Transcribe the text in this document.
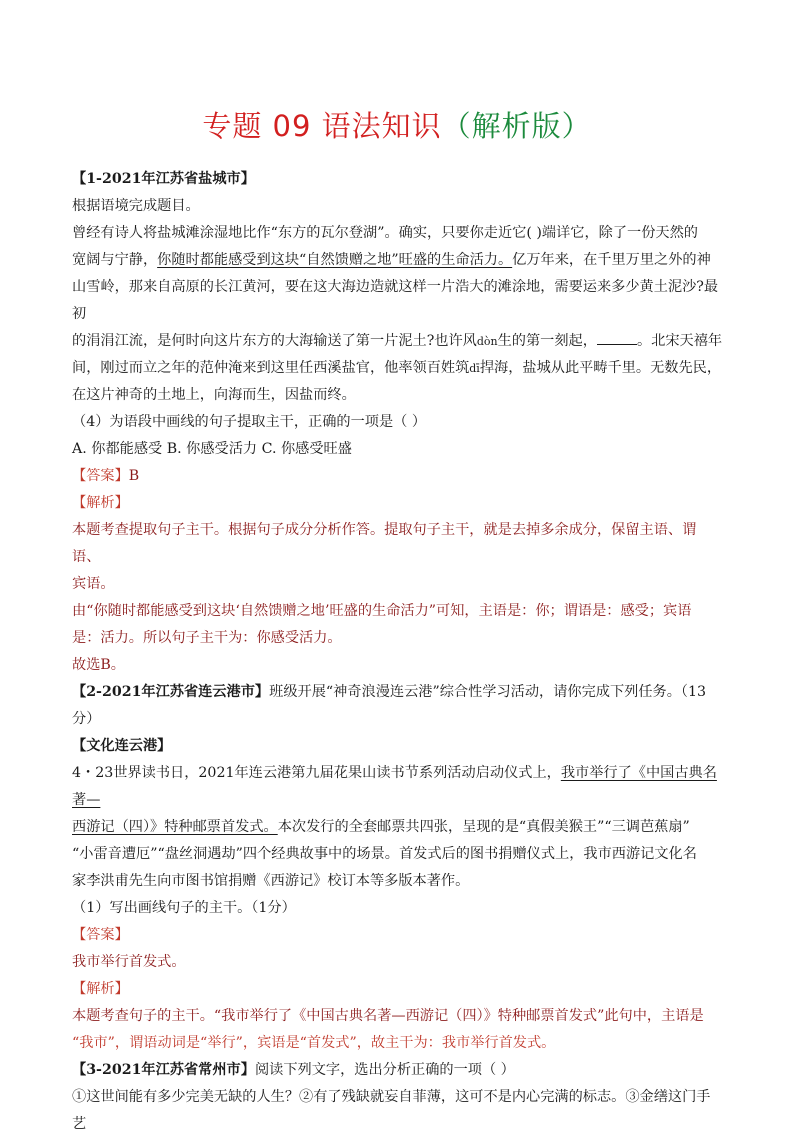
专题 09 语法知识（解析版）

【1-2021年江苏省盐城市】

根据语境完成题目。

曾经有诗人将盐城滩涂湿地比作“东方的瓦尔登湖”。确实，只要你走近它( )端详它，除了一份天然的

宽阔与宁静，你随时都能感受到这块“自然馈赠之地”旺盛的生命活力。亿万年来，在千里万里之外的神

山雪岭，那来自高原的长江黄河，要在这大海边造就这样一片浩大的滩涂地，需要运来多少黄土泥沙?最初

的涓涓江流，是何时向这片东方的大海输送了第一片泥土?也许风dòn生的第一刻起，	。北宋天禧年

间，刚过而立之年的范仲淹来到这里任西溪盐官，他率领百姓筑dī捍海，盐城从此平畴千里。无数先民，

在这片神奇的土地上，向海而生，因盐而终。

（4）为语段中画线的句子提取主干，正确的一项是（ ）

A. 你都能感受 B. 你感受活力 C. 你感受旺盛

【答案】B

【解析】

本题考查提取句子主干。根据句子成分分析作答。提取句子主干，就是去掉多余成分，保留主语、谓语、

宾语。

由“你随时都能感受到这块‘自然馈赠之地’旺盛的生命活力”可知，主语是：你；谓语是：感受；宾语

是：活力。所以句子主干为：你感受活力。

故选B。

【2-2021年江苏省连云港市】班级开展“神奇浪漫连云港”综合性学习活动，请你完成下列任务。（13分）

【文化连云港】

4・23世界读书日，2021年连云港第九届花果山读书节系列活动启动仪式上，我市举行了《中国古典名著—

西游记（四）》特种邮票首发式。本次发行的全套邮票共四张，呈现的是“真假美猴王”“三调芭蕉扇”

“小雷音遭厄”“盘丝洞遇劫”四个经典故事中的场景。首发式后的图书捐赠仪式上，我市西游记文化名

家李洪甫先生向市图书馆捐赠《西游记》校订本等多版本著作。

（1）写出画线句子的主干。（1分）

【答案】

我市举行首发式。

【解析】

本题考查句子的主干。“我市举行了《中国古典名著—西游记（四）》特种邮票首发式”此句中，主语是

“我市”，谓语动词是“举行”，宾语是“首发式”，故主干为：我市举行首发式。

【3-2021年江苏省常州市】阅读下列文字，选出分析正确的一项（ ）

①这世间能有多少完美无缺的人生？②有了残缺就妄自菲薄，这可不是内心完满的标志。③金缮这门手艺
